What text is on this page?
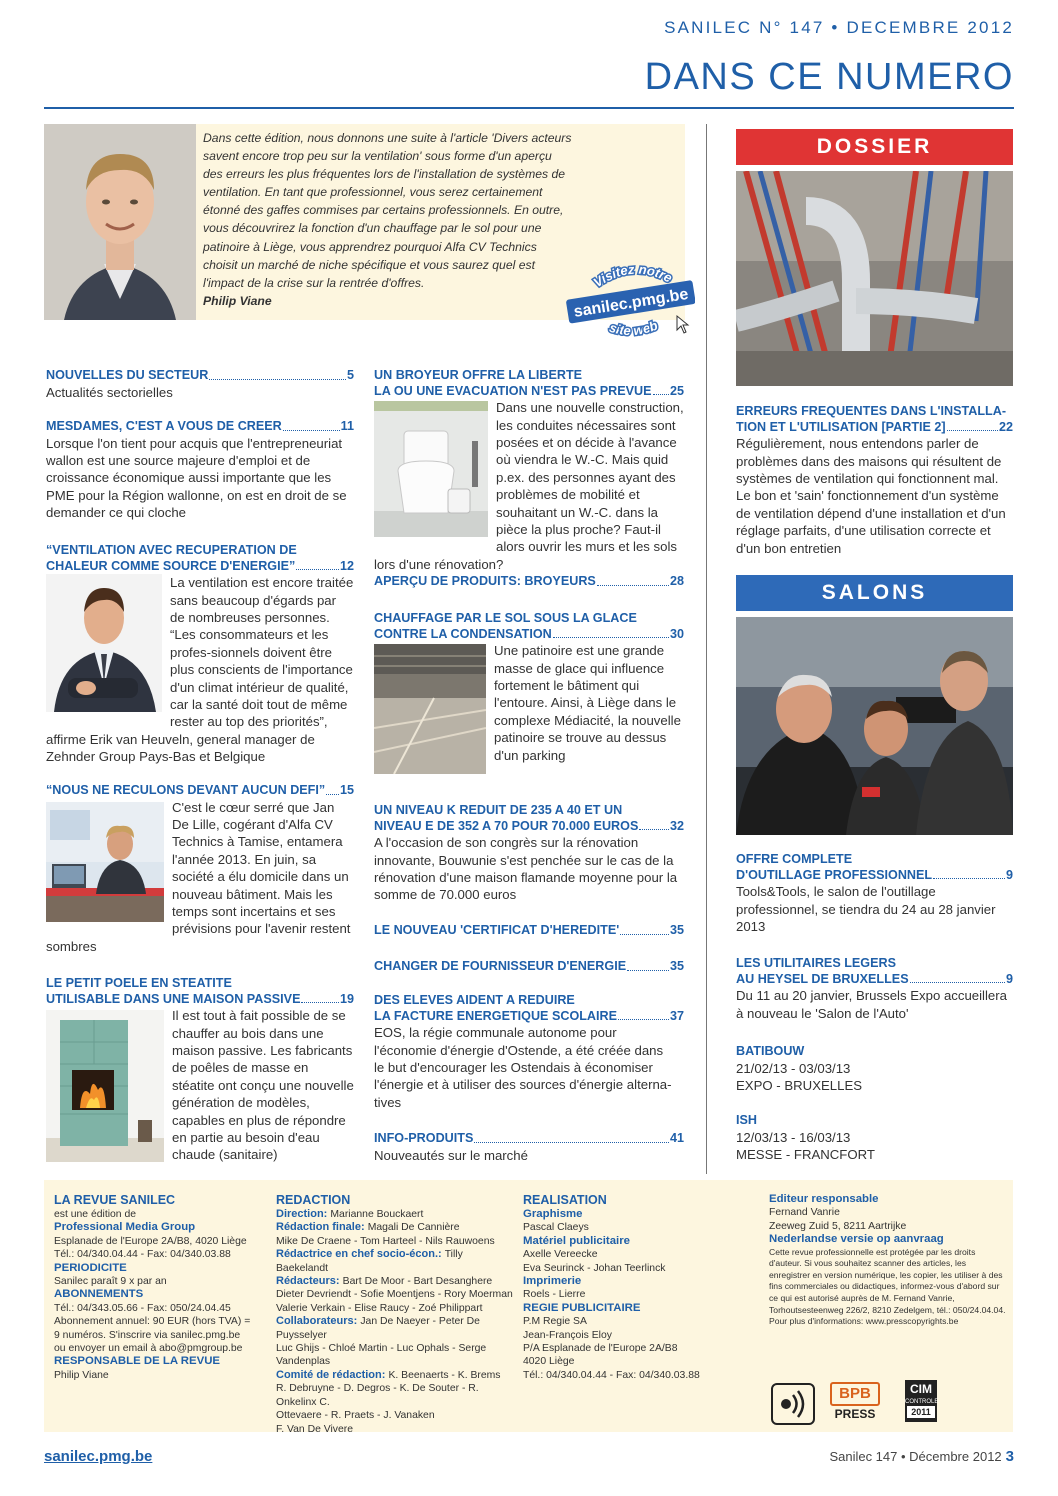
SANILEC N° 147 • DECEMBRE 2012
DANS CE NUMERO
Dans cette édition, nous donnons une suite à l'article 'Divers acteurs savent encore trop peu sur la ventilation' sous forme d'un aperçu des erreurs les plus fréquentes lors de l'installation de systèmes de ventilation. En tant que professionnel, vous serez certainement étonné des gaffes commises par certains professionnels. En outre, vous découvrirez la fonction d'un chauffage par le sol pour une patinoire à Liège, vous apprendrez pourquoi Alfa CV Technics choisit un marché de niche spécifique et vous saurez quel est l'impact de la crise sur la rentrée d'offres.
Philip Viane
Visitez notre
sanilec.pmg.be
site web
NOUVELLES DU SECTEUR	5

Actualités sectorielles

MESDAMES, C'EST A VOUS DE CREER	11

Lorsque l'on tient pour acquis que l'entrepreneuriat wallon est une source majeure d'emploi et de croissance économique aussi importante que les PME pour la Région wallonne, on est en droit de se demander ce qui cloche

“VENTILATION AVEC RECUPERATION DE
CHALEUR COMME SOURCE D'ENERGIE”	12

La ventilation est encore traitée sans beaucoup d'égards par de nombreuses personnes. “Les consommateurs et les profes-sionnels doivent être plus conscients de l'importance d'un climat intérieur de qualité, car la santé doit tout de même rester au top des priorités”, affirme Erik van Heuveln, general manager de Zehnder Group Pays-Bas et Belgique

“NOUS NE RECULONS DEVANT AUCUN DEFI” 15

C'est le cœur serré que Jan De Lille, cogérant d'Alfa CV Technics à Tamise, entamera l'année 2013. En juin, sa société a élu domicile dans un nouveau bâtiment. Mais les temps sont incertains et ses prévisions pour l'avenir restent sombres

LE PETIT POELE EN STEATITE
UTILISABLE DANS UNE MAISON PASSIVE	19

Il est tout à fait possible de se chauffer au bois dans une maison passive. Les fabricants de poêles de masse en stéatite ont conçu une nouvelle génération de modèles, capables en plus de répondre en partie au besoin d'eau chaude (sanitaire)

UN BROYEUR OFFRE LA LIBERTE
LA OU UNE EVACUATION N'EST PAS PREVUE 25

Dans une nouvelle construction, les conduites nécessaires sont posées et on décide à l'avance où viendra le W.-C. Mais quid p.ex. des personnes ayant des problèmes de mobilité et souhaitant un W.-C. dans la pièce la plus proche? Faut-il alors ouvrir les murs et les sols lors d'une rénovation?

APERÇU DE PRODUITS: BROYEURS	28
CHAUFFAGE PAR LE SOL SOUS LA GLACE
CONTRE LA CONDENSATION	30

Une patinoire est une grande masse de glace qui influence fortement le bâtiment qui l'entoure. Ainsi, à Liège dans le complexe Médiacité, la nouvelle patinoire se trouve au dessus d'un parking

UN NIVEAU K REDUIT DE 235 A 40 ET UN
NIVEAU E DE 352 A 70 POUR 70.000 EUROS	32

A l'occasion de son congrès sur la rénovation innovante, Bouwunie s'est penchée sur le cas de la rénovation d'une maison flamande moyenne pour la somme de 70.000 euros

LE NOUVEAU 'CERTIFICAT D'HEREDITE'	35
CHANGER DE FOURNISSEUR D'ENERGIE	35
DES ELEVES AIDENT A REDUIRE
LA FACTURE ENERGETIQUE SCOLAIRE	37

EOS, la régie communale autonome pour l'économie d'énergie d'Ostende, a été créée dans le but d'encourager les Ostendais à économiser l'énergie et à utiliser des sources d'énergie alterna-tives

INFO-PRODUITS	41

Nouveautés sur le marché

DOSSIER
ERREURS FREQUENTES DANS L'INSTALLA-
TION ET L'UTILISATION [PARTIE 2]	22

Régulièrement, nous entendons parler de problèmes dans des maisons qui résultent de systèmes de ventilation qui fonctionnent mal. Le bon et 'sain' fonctionnement d'un système de ventilation dépend d'une installation et d'un réglage parfaits, d'une utilisation correcte et d'un bon entretien

SALONS
OFFRE COMPLETE
D'OUTILLAGE PROFESSIONNEL	9

Tools&Tools, le salon de l'outillage professionnel, se tiendra du 24 au 28 janvier 2013

LES UTILITAIRES LEGERS
AU HEYSEL DE BRUXELLES	9

Du 11 au 20 janvier, Brussels Expo accueillera à nouveau le 'Salon de l'Auto'

BATIBOUW

21/02/13 - 03/03/13

EXPO - BRUXELLES

ISH

12/03/13 - 16/03/13

MESSE - FRANCFORT

LA REVUE SANILEC
est une édition de
Professional Media Group
Esplanade de l'Europe 2A/B8, 4020 Liège
Tél.: 04/340.04.44 - Fax: 04/340.03.88
PERIODICITE
Sanilec paraît 9 x par an
ABONNEMENTS
Tél.: 04/343.05.66 - Fax: 050/24.04.45
Abonnement annuel: 90 EUR (hors TVA) =
9 numéros. S'inscrire via sanilec.pmg.be
ou envoyer un email à abo@pmgroup.be
RESPONSABLE DE LA REVUE
Philip Viane
REDACTION
Direction: Marianne Bouckaert
Rédaction finale: Magali De Cannière
Mike De Craene - Tom Harteel - Nils Rauwoens
Rédactrice en chef socio-écon.: Tilly Baekelandt
Rédacteurs: Bart De Moor - Bart Desanghere
Dieter Devriendt - Sofie Moentjens - Rory Moerman
Valerie Verkain - Elise Raucy - Zoé Philippart
Collaborateurs: Jan De Naeyer - Peter De Puysselyer
Luc Ghijs - Chloé Martin - Luc Ophals - Serge Vandenplas
Comité de rédaction: K. Beenaerts - K. Brems
R. Debruyne - D. Degros - K. De Souter - R. Onkelinx C.
Ottevaere - R. Praets - J. Vanaken
F. Van De Vivere
REALISATION
Graphisme
Pascal Claeys
Matériel publicitaire
Axelle Vereecke
Eva Seurinck - Johan Teerlinck
Imprimerie
Roels - Lierre
REGIE PUBLICITAIRE
P.M Regie SA
Jean-François Eloy
P/A Esplanade de l'Europe 2A/B8
4020 Liège
Tél.: 04/340.04.44 - Fax: 04/340.03.88
Editeur responsable
Fernand Vanrie
Zeeweg Zuid 5, 8211 Aartrijke
Nederlandse versie op aanvraag
Cette revue professionnelle est protégée par les droits d'auteur. Si vous souhaitez scanner des articles, les enregistrer en version numérique, les copier, les utiliser à des fins commerciales ou didactiques, informez-vous d'abord sur ce qui est autorisé auprès de M. Fernand Vanrie, Torhoutsesteenweg 226/2, 8210 Zedelgem, tél.: 050/24.04.04. Pour plus d'informations: www.presscopyrights.be
BPB
PRESS
CIM
CONTROLE
2011
sanilec.pmg.be	Sanilec 147 • Décembre 2012 3
